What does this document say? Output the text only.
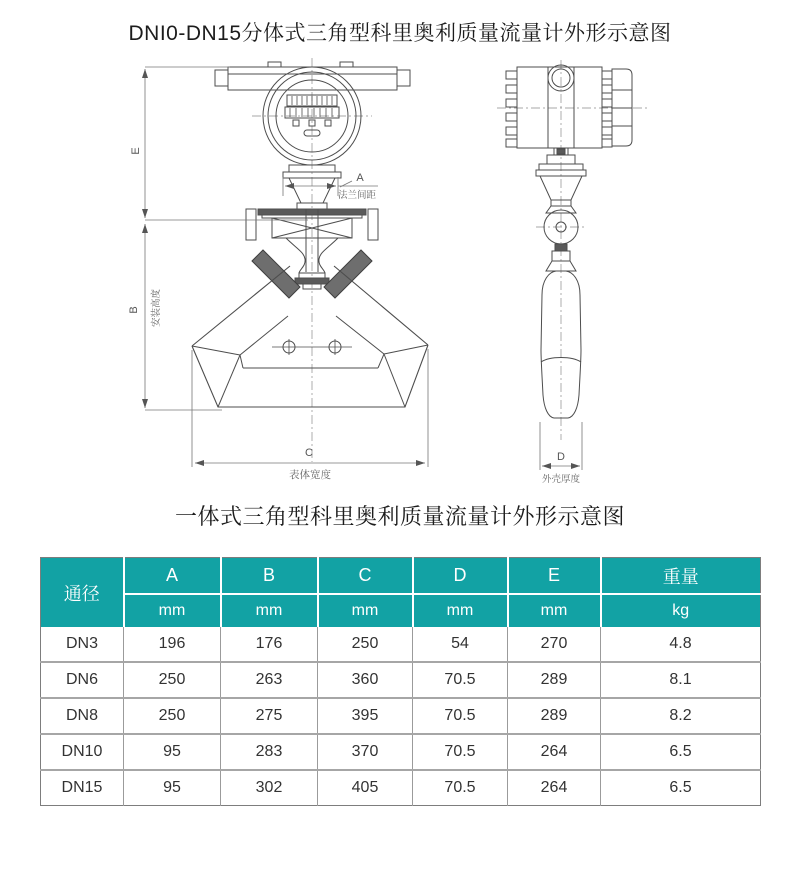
DNI0-DN15分体式三角型科里奥利质量流量计外形示意图
E
B 安装高度
A
法兰间距
C
表体宽度
D
外壳厚度
一体式三角型科里奥利质量流量计外形示意图
通径	A	B	C	D	E	重量
	mm	mm	mm	mm	mm	kg
DN3	196	176	250	54	270	4.8
DN6	250	263	360	70.5	289	8.1
DN8	250	275	395	70.5	289	8.2
DN10	95	283	370	70.5	264	6.5
DN15	95	302	405	70.5	264	6.5
